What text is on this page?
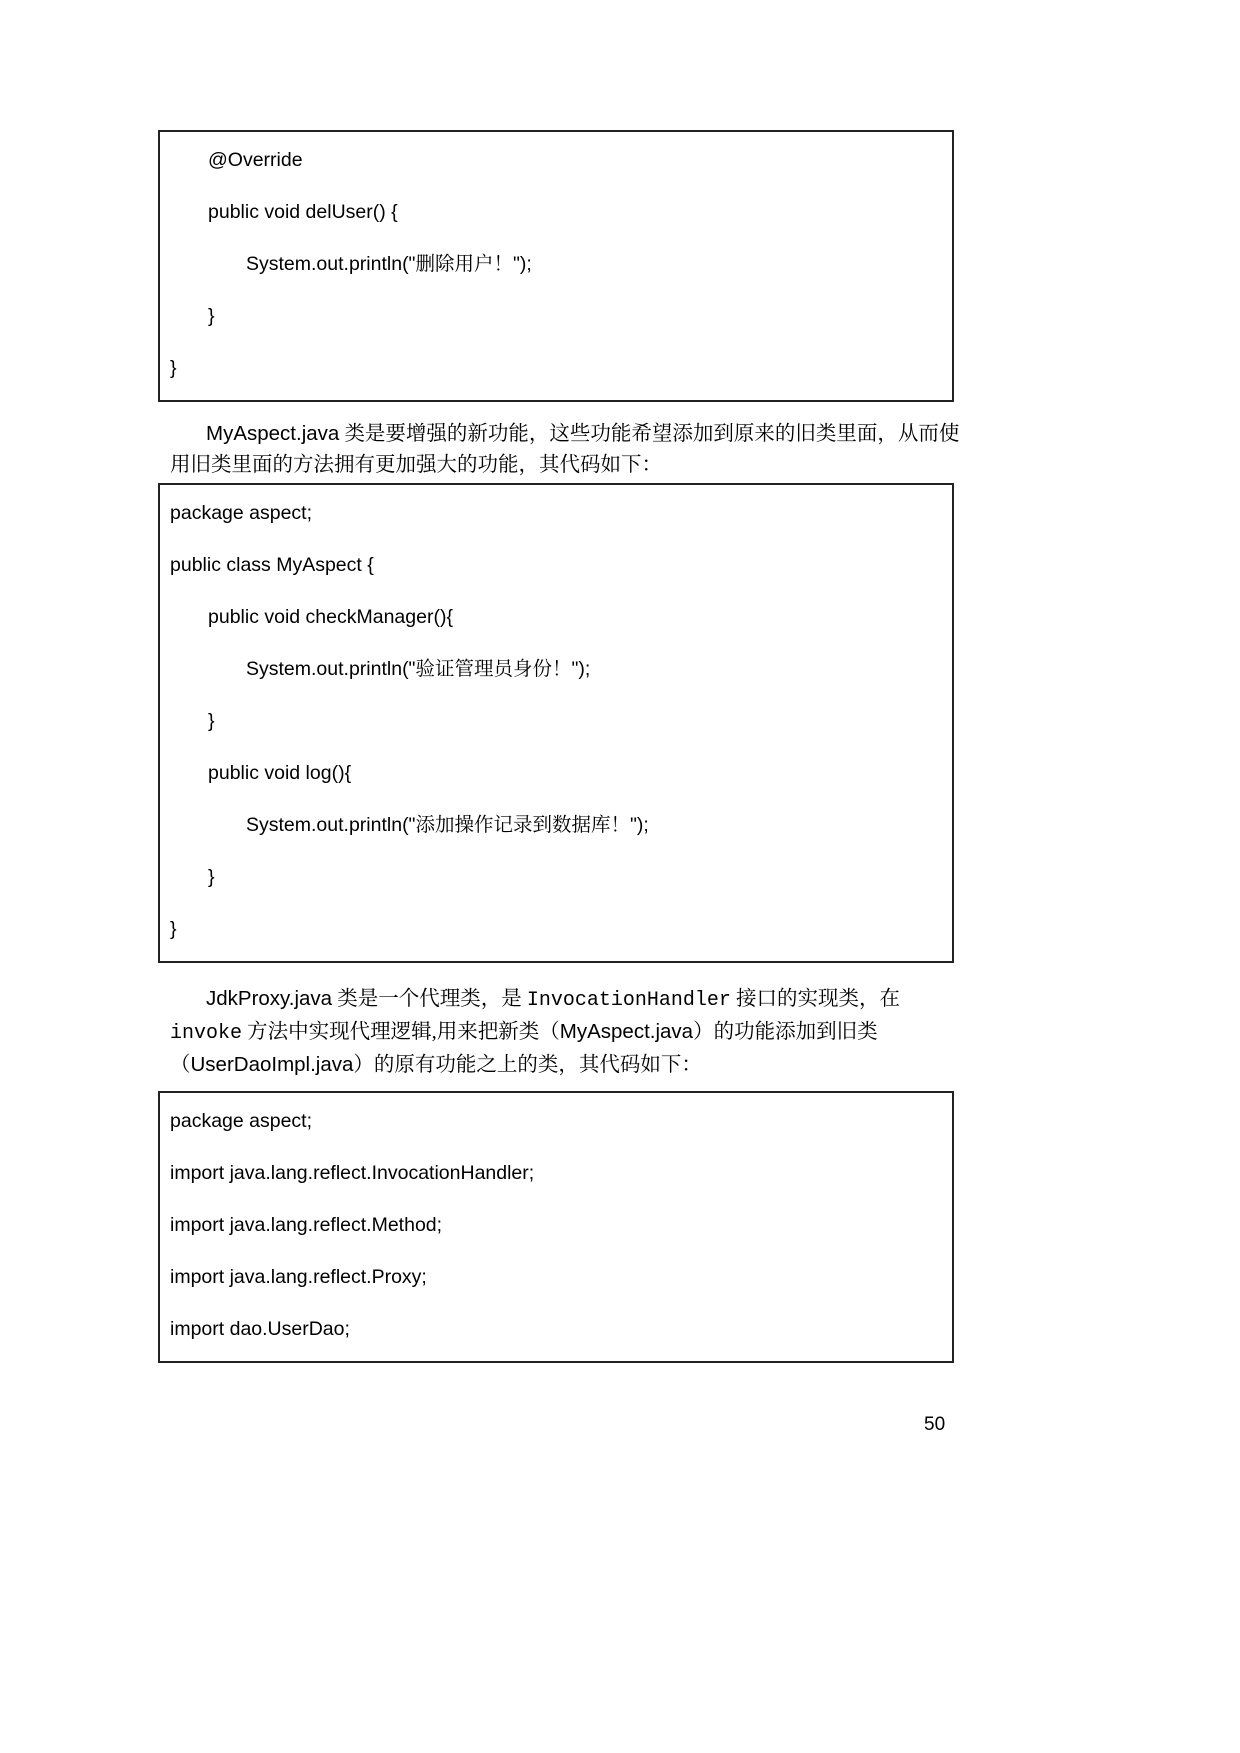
	@Override
	public void delUser() {
		System.out.println("删除用户！");
	}
}
MyAspect.java 类是要增强的新功能，这些功能希望添加到原来的旧类里面，从而使
用旧类里面的方法拥有更加强大的功能，其代码如下：
package aspect;
public class MyAspect {
	public void checkManager(){
		System.out.println("验证管理员身份！");
	}
	public void log(){
		System.out.println("添加操作记录到数据库！");
	}
}
JdkProxy.java 类是一个代理类，是 InvocationHandler 接口的实现类，在
invoke 方法中实现代理逻辑,用来把新类（MyAspect.java）的功能添加到旧类
（UserDaoImpl.java）的原有功能之上的类，其代码如下：
package aspect;
import java.lang.reflect.InvocationHandler;
import java.lang.reflect.Method;
import java.lang.reflect.Proxy;
import dao.UserDao;
50
